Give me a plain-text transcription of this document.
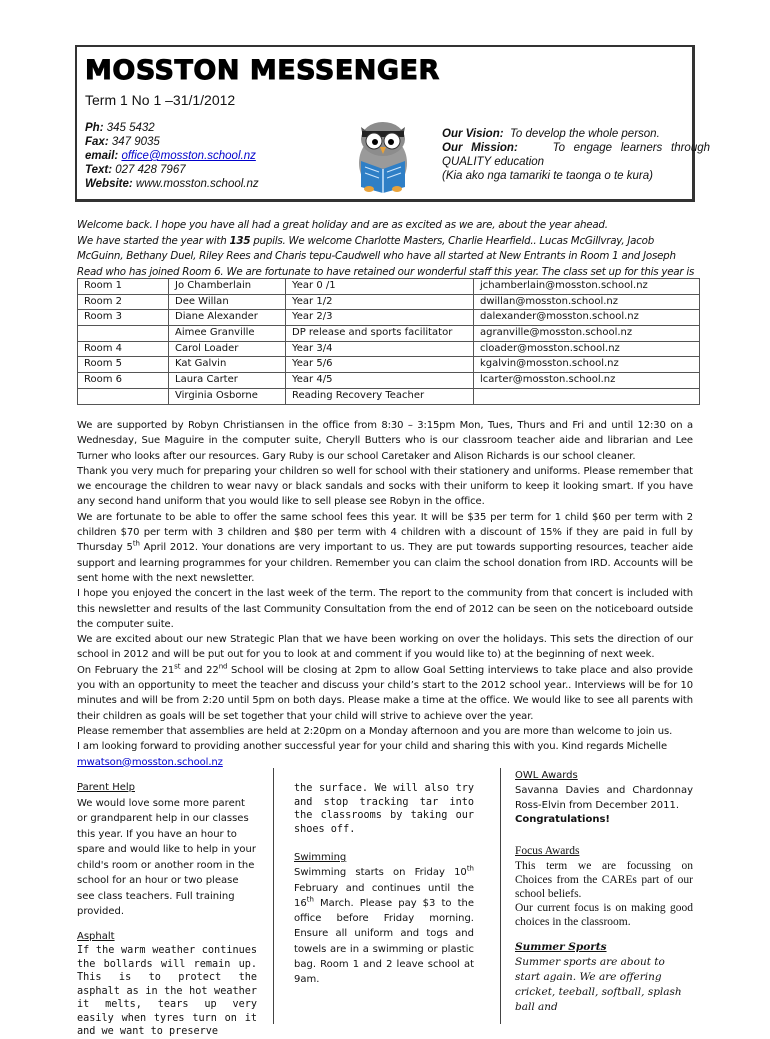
MOSSTON MESSENGER
Term 1 No 1 –31/1/2012
Ph: 345 5432
Fax: 347 9035
email: office@mosston.school.nz
Text: 027 428 7967
Website: www.mosston.school.nz
Our Vision: To develop the whole person.
Our Mission:	To engage learners through QUALITY education
(Kia ako nga tamariki te taonga o te kura)
Welcome back. I hope you have all had a great holiday and are as excited as we are, about the year ahead.
We have started the year with 135 pupils. We welcome Charlotte Masters, Charlie Hearfield.. Lucas McGillvray, Jacob McGuinn, Bethany Duel, Riley Rees and Charis tepu-Caudwell who have all started at New Entrants in Room 1 and Joseph Read who has joined Room 6. We are fortunate to have retained our wonderful staff this year. The class set up for this year is
Room 1	Jo Chamberlain	Year 0 /1	jchamberlain@mosston.school.nz
Room 2	Dee Willan	Year 1/2	dwillan@mosston.school.nz
Room 3	Diane Alexander	Year 2/3	dalexander@mosston.school.nz
	Aimee Granville	DP release and sports facilitator	agranville@mosston.school.nz
Room 4	Carol Loader	Year 3/4	cloader@mosston.school.nz
Room 5	Kat Galvin	Year 5/6	kgalvin@mosston.school.nz
Room 6	Laura Carter	Year 4/5	lcarter@mosston.school.nz
	Virginia Osborne	Reading Recovery Teacher	

We are supported by Robyn Christiansen in the office from 8:30 – 3:15pm Mon, Tues, Thurs and Fri and until 12:30 on a Wednesday, Sue Maguire in the computer suite, Cheryll Butters who is our classroom teacher aide and librarian and Lee Turner who looks after our resources. Gary Ruby is our school Caretaker and Alison Richards is our school cleaner.

Thank you very much for preparing your children so well for school with their stationery and uniforms. Please remember that we encourage the children to wear navy or black sandals and socks with their uniform to keep it looking smart. If you have any second hand uniform that you would like to sell please see Robyn in the office.

We are fortunate to be able to offer the same school fees this year. It will be $35 per term for 1 child $60 per term with 2 children $70 per term with 3 children and $80 per term with 4 children with a discount of 15% if they are paid in full by Thursday 5th April 2012. Your donations are very important to us. They are put towards supporting resources, teacher aide support and learning programmes for your children. Remember you can claim the school donation from IRD. Accounts will be sent home with the next newsletter.

I hope you enjoyed the concert in the last week of the term. The report to the community from that concert is included with this newsletter and results of the last Community Consultation from the end of 2012 can be seen on the noticeboard outside the computer suite.

We are excited about our new Strategic Plan that we have been working on over the holidays. This sets the direction of our school in 2012 and will be put out for you to look at and comment if you would like to) at the beginning of next week.

On February the 21st and 22nd School will be closing at 2pm to allow Goal Setting interviews to take place and also provide you with an opportunity to meet the teacher and discuss your child’s start to the 2012 school year.. Interviews will be for 10 minutes and will be from 2:20 until 5pm on both days. Please make a time at the office. We would like to see all parents with their children as goals will be set together that your child will strive to achieve over the year.

Please remember that assemblies are held at 2:20pm on a Monday afternoon and you are more than welcome to join us.

I am looking forward to providing another successful year for your child and sharing this with you. Kind regards Michelle
mwatson@mosston.school.nz

Parent Help

We would love some more parent or grandparent help in our classes this year. If you have an hour to spare and would like to help in your child's room or another room in the school for an hour or two please see class teachers. Full training provided.

Asphalt

If the warm weather continues the bollards will remain up. This is to protect the asphalt as in the hot weather it melts, tears up very easily when tyres turn on it and we want to preserve

the surface. We will also try and stop tracking tar into the classrooms by taking our shoes off.

Swimming

Swimming starts on Friday 10th February and continues until the 16th March. Please pay $3 to the office before Friday morning. Ensure all uniform and togs and towels are in a swimming or plastic bag. Room 1 and 2 leave school at 9am.

OWL Awards

Savanna Davies and Chardonnay Ross-Elvin from December 2011.

Congratulations!

Focus Awards

This term we are focussing on Choices from the CAREs part of our school beliefs.

Our current focus is on making good choices in the classroom.

Summer Sports

Summer sports are about to start again. We are offering cricket, teeball, softball, splash ball and
